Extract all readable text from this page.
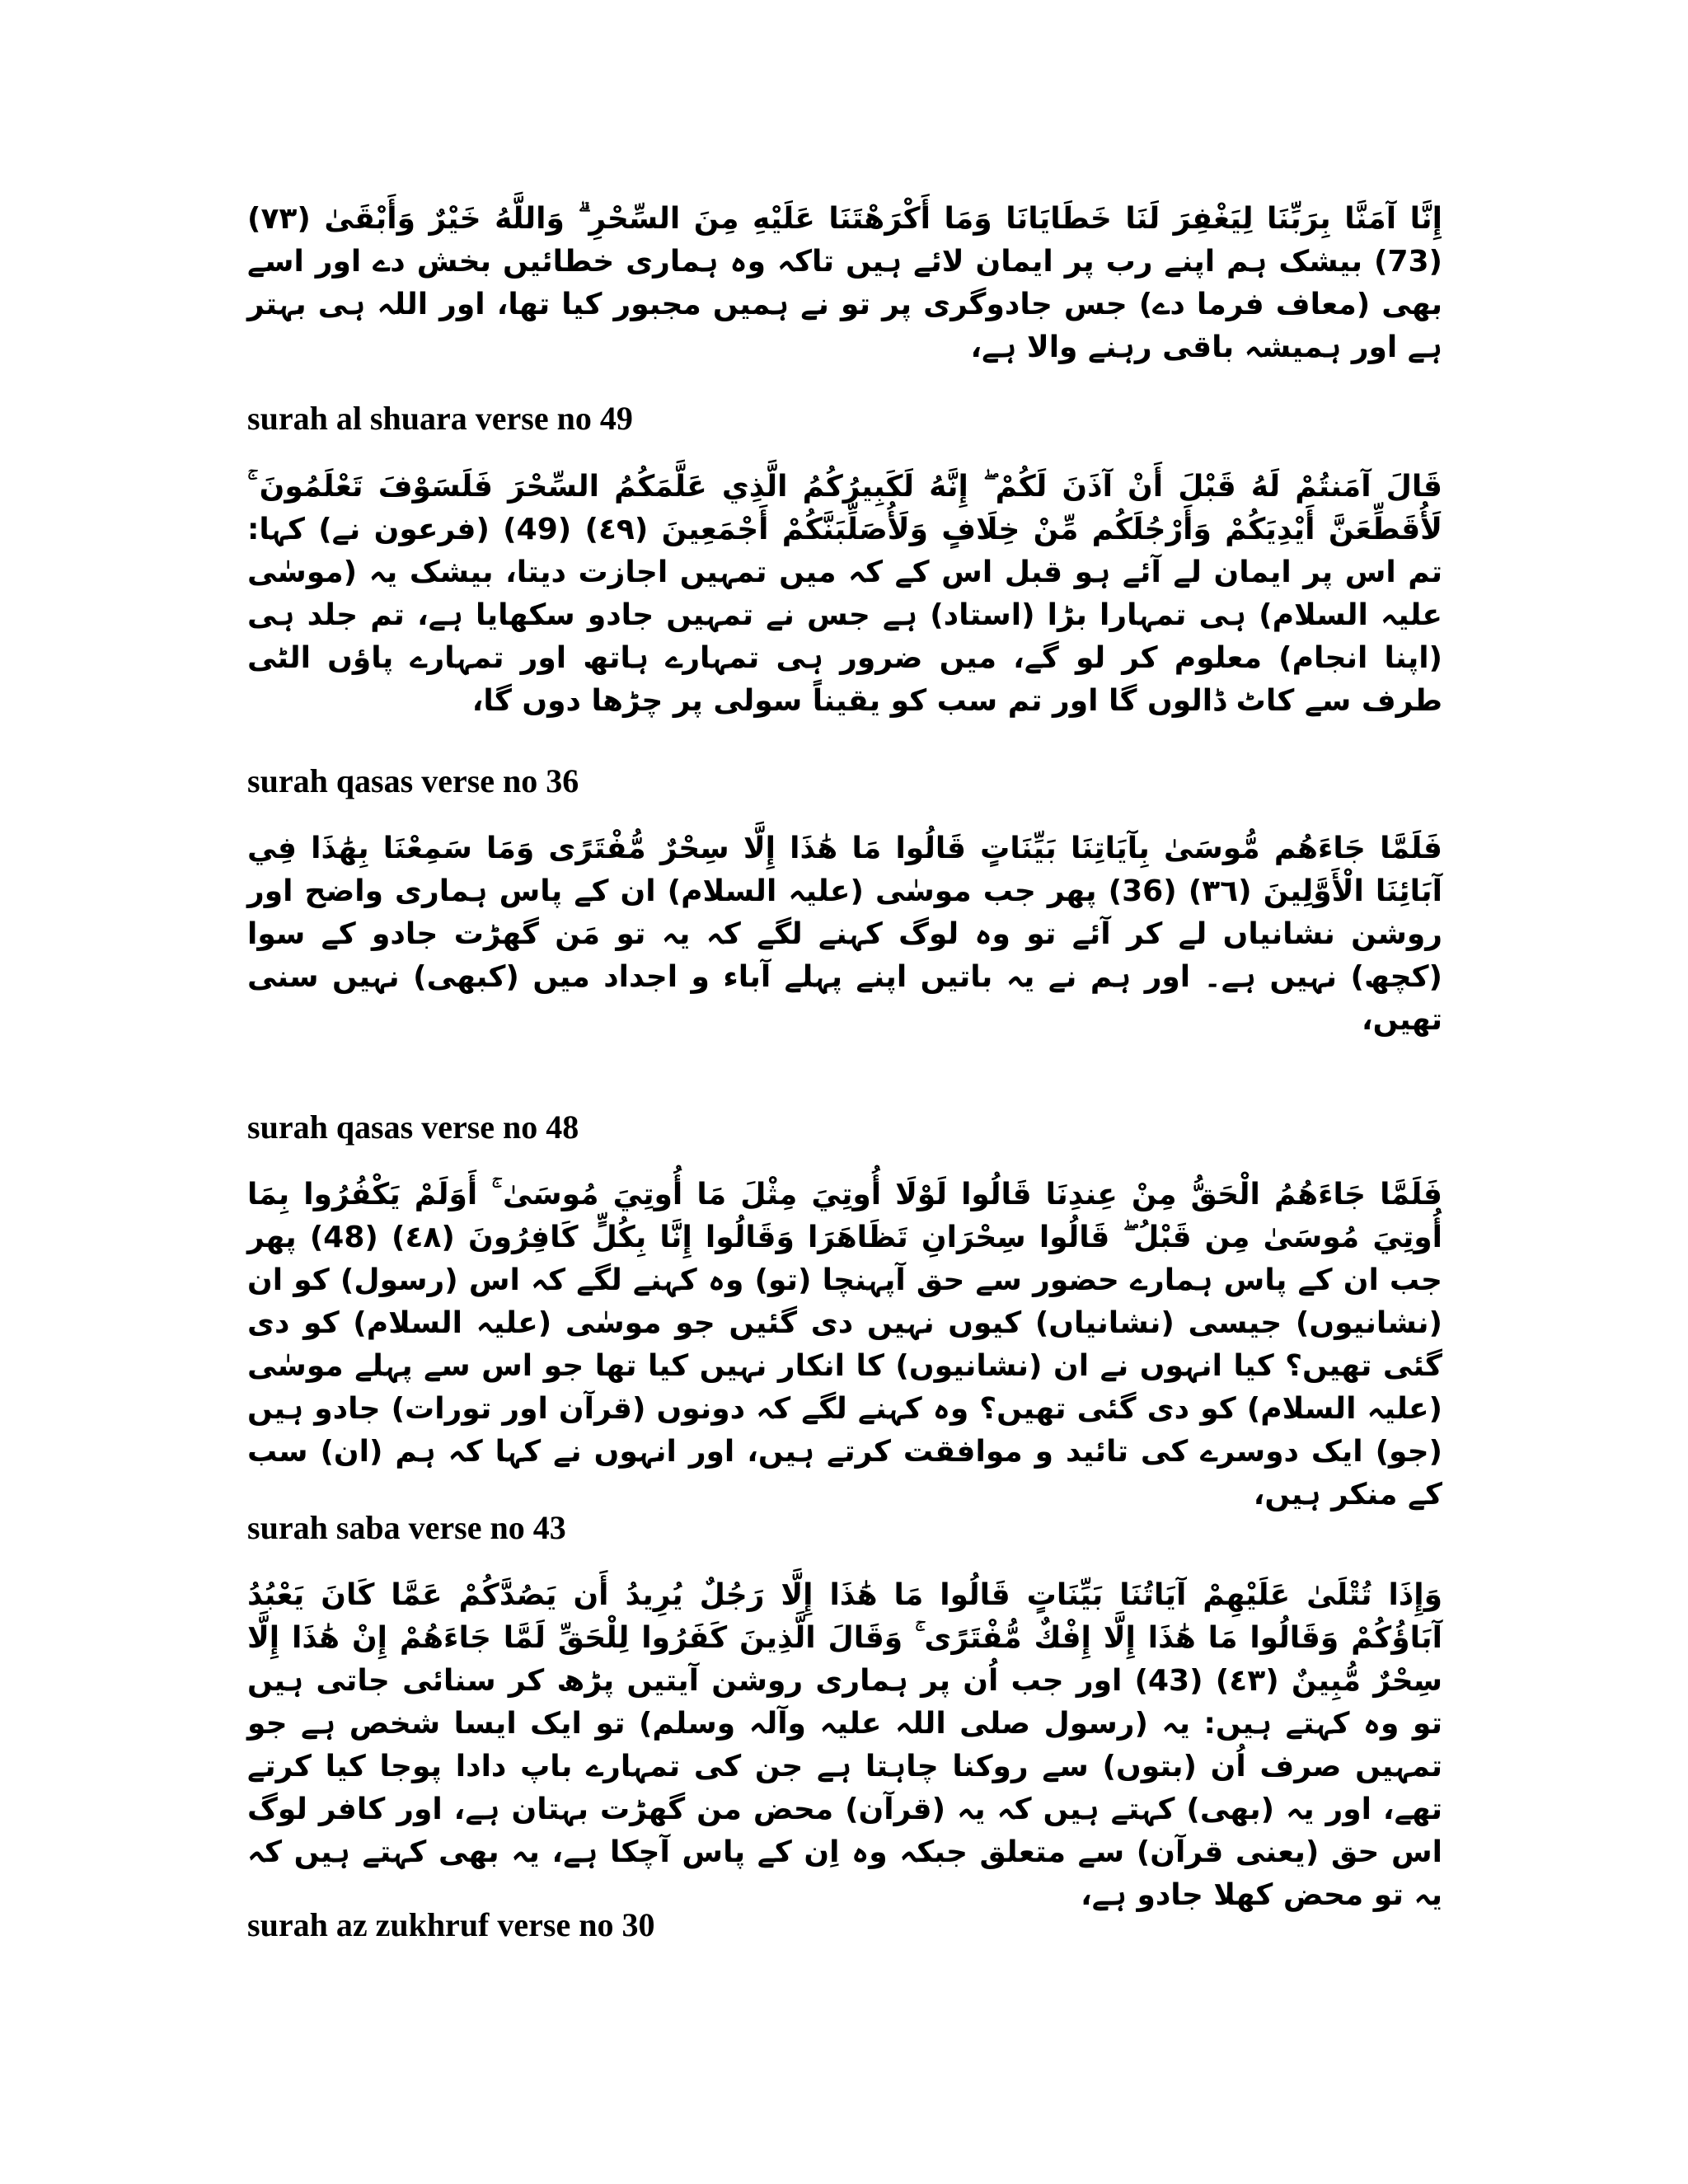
إِنَّا آمَنَّا بِرَبِّنَا لِيَغْفِرَ لَنَا خَطَايَانَا وَمَا أَكْرَهْتَنَا عَلَيْهِ مِنَ السِّحْرِ ۗ وَاللَّهُ خَيْرٌ وَأَبْقَىٰ (٧٣) (73) بیشک ہم اپنے رب پر ایمان لائے ہیں تاکہ وہ ہماری خطائیں بخش دے اور اسے بھی (معاف فرما دے) جس جادوگری پر تو نے ہمیں مجبور کیا تھا، اور اللہ ہی بہتر ہے اور ہمیشہ باقی رہنے والا ہے،
surah al shuara verse no 49
قَالَ آمَنتُمْ لَهُ قَبْلَ أَنْ آذَنَ لَكُمْ ۖ إِنَّهُ لَكَبِيرُكُمُ الَّذِي عَلَّمَكُمُ السِّحْرَ فَلَسَوْفَ تَعْلَمُونَ ۚ لَأُقَطِّعَنَّ أَيْدِيَكُمْ وَأَرْجُلَكُم مِّنْ خِلَافٍ وَلَأُصَلِّبَنَّكُمْ أَجْمَعِينَ (٤٩) (49) (فرعون نے) کہا: تم اس پر ایمان لے آئے ہو قبل اس کے کہ میں تمہیں اجازت دیتا، بیشک یہ (موسٰی علیہ السلام) ہی تمہارا بڑا (استاد) ہے جس نے تمہیں جادو سکھایا ہے، تم جلد ہی (اپنا انجام) معلوم کر لو گے، میں ضرور ہی تمہارے ہاتھ اور تمہارے پاؤں الٹی طرف سے کاٹ ڈالوں گا اور تم سب کو یقیناً سولی پر چڑھا دوں گا،
surah qasas verse no 36
فَلَمَّا جَاءَهُم مُّوسَىٰ بِآيَاتِنَا بَيِّنَاتٍ قَالُوا مَا هَٰذَا إِلَّا سِحْرٌ مُّفْتَرًى وَمَا سَمِعْنَا بِهَٰذَا فِي آبَائِنَا الْأَوَّلِينَ (٣٦) (36) پھر جب موسٰی (علیہ السلام) ان کے پاس ہماری واضح اور روشن نشانیاں لے کر آئے تو وہ لوگ کہنے لگے کہ یہ تو مَن گھڑت جادو کے سوا (کچھ) نہیں ہے۔ اور ہم نے یہ باتیں اپنے پہلے آباء و اجداد میں (کبھی) نہیں سنی تھیں،
surah qasas verse no 48
فَلَمَّا جَاءَهُمُ الْحَقُّ مِنْ عِندِنَا قَالُوا لَوْلَا أُوتِيَ مِثْلَ مَا أُوتِيَ مُوسَىٰ ۚ أَوَلَمْ يَكْفُرُوا بِمَا أُوتِيَ مُوسَىٰ مِن قَبْلُ ۖ قَالُوا سِحْرَانِ تَظَاهَرَا وَقَالُوا إِنَّا بِكُلٍّ كَافِرُونَ (٤٨) (48) پھر جب ان کے پاس ہمارے حضور سے حق آپہنچا (تو) وہ کہنے لگے کہ اس (رسول) کو ان (نشانیوں) جیسی (نشانیاں) کیوں نہیں دی گئیں جو موسٰی (علیہ السلام) کو دی گئی تھیں؟ کیا انہوں نے ان (نشانیوں) کا انکار نہیں کیا تھا جو اس سے پہلے موسٰی (علیہ السلام) کو دی گئی تھیں؟ وہ کہنے لگے کہ دونوں (قرآن اور تورات) جادو ہیں (جو) ایک دوسرے کی تائید و موافقت کرتے ہیں، اور انہوں نے کہا کہ ہم (ان) سب کے منکر ہیں،
surah saba verse no 43
وَإِذَا تُتْلَىٰ عَلَيْهِمْ آيَاتُنَا بَيِّنَاتٍ قَالُوا مَا هَٰذَا إِلَّا رَجُلٌ يُرِيدُ أَن يَصُدَّكُمْ عَمَّا كَانَ يَعْبُدُ آبَاؤُكُمْ وَقَالُوا مَا هَٰذَا إِلَّا إِفْكٌ مُّفْتَرًى ۚ وَقَالَ الَّذِينَ كَفَرُوا لِلْحَقِّ لَمَّا جَاءَهُمْ إِنْ هَٰذَا إِلَّا سِحْرٌ مُّبِينٌ (٤٣) (43) اور جب اُن پر ہماری روشن آیتیں پڑھ کر سنائی جاتی ہیں تو وہ کہتے ہیں: یہ (رسول صلی اللہ علیہ وآلہ وسلم) تو ایک ایسا شخص ہے جو تمہیں صرف اُن (بتوں) سے روکنا چاہتا ہے جن کی تمہارے باپ دادا پوجا کیا کرتے تھے، اور یہ (بھی) کہتے ہیں کہ یہ (قرآن) محض من گھڑت بہتان ہے، اور کافر لوگ اس حق (یعنی قرآن) سے متعلق جبکہ وہ اِن کے پاس آچکا ہے، یہ بھی کہتے ہیں کہ یہ تو محض کھلا جادو ہے،
surah az zukhruf verse no 30
